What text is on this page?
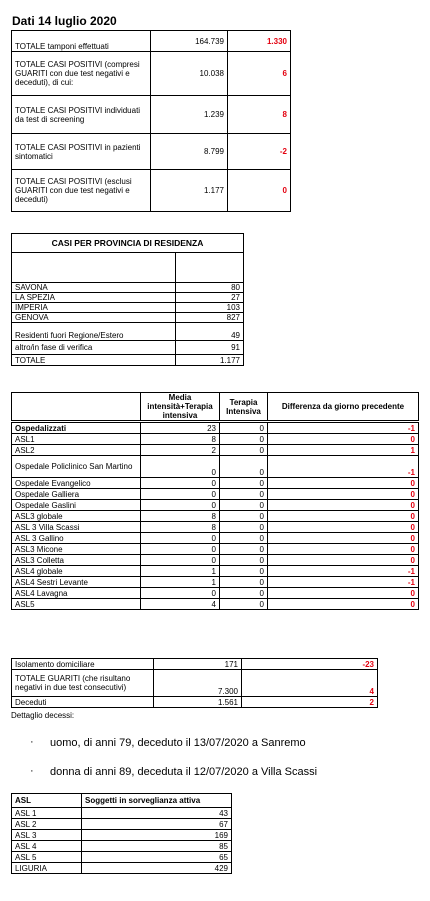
Dati 14 luglio 2020
TOTALE tamponi effettuati	164.739	1.330
TOTALE CASI POSITIVI (compresi GUARITI con due test negativi e deceduti), di cui:	10.038	6
TOTALE CASI POSITIVI individuati da test di screening	1.239	8
TOTALE CASI POSITIVI in pazienti sintomatici	8.799	-2
TOTALE CASI POSITIVI (esclusi GUARITI con due test negativi e deceduti)	1.177	0
CASI PER PROVINCIA DI RESIDENZA	

SAVONA	80
LA SPEZIA	27
IMPERIA	103
GENOVA	827
Residenti fuori Regione/Estero	49
altro/in fase di verifica	91
TOTALE	1.177
	Media intensità+Terapia intensiva	Terapia Intensiva	Differenza da giorno precedente
Ospedalizzati	23	0	-1
ASL1	8	0	0
ASL2	2	0	1
Ospedale Policlinico San Martino	0	0	-1
Ospedale Evangelico	0	0	0
Ospedale Galliera	0	0	0
Ospedale Gaslini	0	0	0
ASL3 globale	8	0	0
ASL 3 Villa Scassi	8	0	0
ASL 3 Gallino	0	0	0
ASL3 Micone	0	0	0
ASL3 Colletta	0	0	0
ASL4 globale	1	0	-1
ASL4 Sestri Levante	1	0	-1
ASL4 Lavagna	0	0	0
ASL5	4	0	0
Isolamento domiciliare	171	-23
TOTALE GUARITI (che risultano negativi in due test consecutivi)	7.300	4
Deceduti	1.561	2
Dettaglio decessi:
· uomo, di anni 79, deceduto il 13/07/2020 a Sanremo
· donna di anni 89, deceduta il 12/07/2020 a Villa Scassi
ASL	Soggetti in sorveglianza attiva
ASL 1	43
ASL 2	67
ASL 3	169
ASL 4	85
ASL 5	65
LIGURIA	429
